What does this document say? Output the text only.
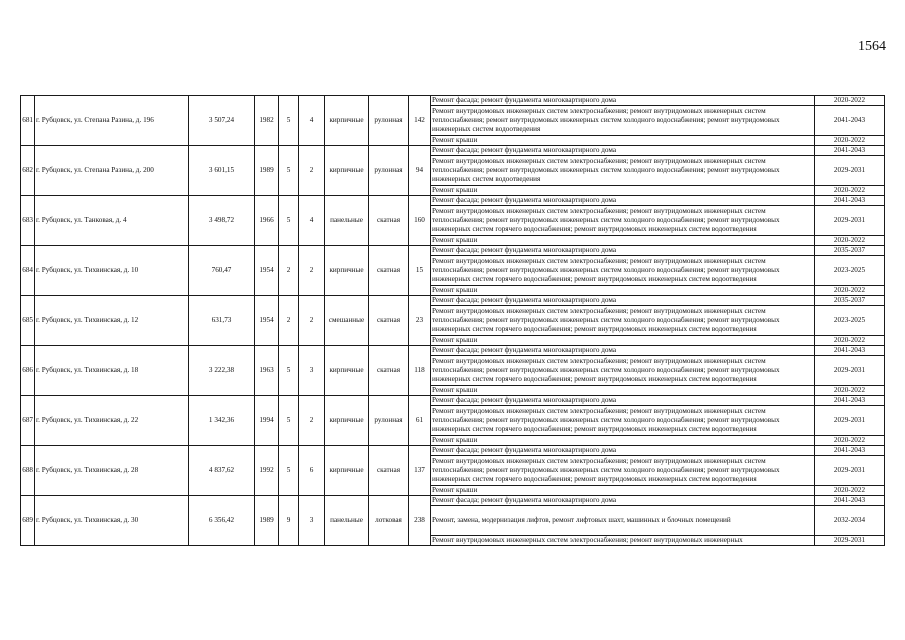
1564
681	г. Рубцовск, ул. Степана Разина, д. 196	3 507,24	1982	5	4	кирпичные	рулонная	142	Ремонт фасада; ремонт фундамента многоквартирного дома	2020-2022
									Ремонт внутридомовых инженерных систем электроснабжения; ремонт внутридомовых инженерных систем теплоснабжения; ремонт внутридомовых инженерных систем холодного водоснабжения; ремонт внутридомовых инженерных систем водоотведения	2041-2043
									Ремонт крыши	2020-2022
682	г. Рубцовск, ул. Степана Разина, д. 200	3 601,15	1989	5	2	кирпичные	рулонная	94	Ремонт фасада; ремонт фундамента многоквартирного дома	2041-2043
									Ремонт внутридомовых инженерных систем электроснабжения; ремонт внутридомовых инженерных систем теплоснабжения; ремонт внутридомовых инженерных систем холодного водоснабжения; ремонт внутридомовых инженерных систем водоотведения	2029-2031
									Ремонт крыши	2020-2022
683	г. Рубцовск, ул. Танковая, д. 4	3 498,72	1966	5	4	панельные	скатная	160	Ремонт фасада; ремонт фундамента многоквартирного дома	2041-2043
									Ремонт внутридомовых инженерных систем электроснабжения; ремонт внутридомовых инженерных систем теплоснабжения; ремонт внутридомовых инженерных систем холодного водоснабжения; ремонт внутридомовых инженерных систем горячего водоснабжения; ремонт внутридомовых инженерных систем водоотведения	2029-2031
									Ремонт крыши	2020-2022
684	г. Рубцовск, ул. Тихвинская, д. 10	760,47	1954	2	2	кирпичные	скатная	15	Ремонт фасада; ремонт фундамента многоквартирного дома	2035-2037
									Ремонт внутридомовых инженерных систем электроснабжения; ремонт внутридомовых инженерных систем теплоснабжения; ремонт внутридомовых инженерных систем холодного водоснабжения; ремонт внутридомовых инженерных систем горячего водоснабжения; ремонт внутридомовых инженерных систем водоотведения	2023-2025
									Ремонт крыши	2020-2022
685	г. Рубцовск, ул. Тихвинская, д. 12	631,73	1954	2	2	смешанные	скатная	23	Ремонт фасада; ремонт фундамента многоквартирного дома	2035-2037
									Ремонт внутридомовых инженерных систем электроснабжения; ремонт внутридомовых инженерных систем теплоснабжения; ремонт внутридомовых инженерных систем холодного водоснабжения; ремонт внутридомовых инженерных систем горячего водоснабжения; ремонт внутридомовых инженерных систем водоотведения	2023-2025
									Ремонт крыши	2020-2022
686	г. Рубцовск, ул. Тихвинская, д. 18	3 222,38	1963	5	3	кирпичные	скатная	118	Ремонт фасада; ремонт фундамента многоквартирного дома	2041-2043
									Ремонт внутридомовых инженерных систем электроснабжения; ремонт внутридомовых инженерных систем теплоснабжения; ремонт внутридомовых инженерных систем холодного водоснабжения; ремонт внутридомовых инженерных систем горячего водоснабжения; ремонт внутридомовых инженерных систем водоотведения	2029-2031
									Ремонт крыши	2020-2022
687	г. Рубцовск, ул. Тихвинская, д. 22	1 342,36	1994	5	2	кирпичные	рулонная	61	Ремонт фасада; ремонт фундамента многоквартирного дома	2041-2043
									Ремонт внутридомовых инженерных систем электроснабжения; ремонт внутридомовых инженерных систем теплоснабжения; ремонт внутридомовых инженерных систем холодного водоснабжения; ремонт внутридомовых инженерных систем горячего водоснабжения; ремонт внутридомовых инженерных систем водоотведения	2029-2031
									Ремонт крыши	2020-2022
688	г. Рубцовск, ул. Тихвинская, д. 28	4 837,62	1992	5	6	кирпичные	скатная	137	Ремонт фасада; ремонт фундамента многоквартирного дома	2041-2043
									Ремонт внутридомовых инженерных систем электроснабжения; ремонт внутридомовых инженерных систем теплоснабжения; ремонт внутридомовых инженерных систем холодного водоснабжения; ремонт внутридомовых инженерных систем горячего водоснабжения; ремонт внутридомовых инженерных систем водоотведения	2029-2031
									Ремонт крыши	2020-2022
689	г. Рубцовск, ул. Тихвинская, д. 30	6 356,42	1989	9	3	панельные	лотковая	238	Ремонт фасада; ремонт фундамента многоквартирного дома	2041-2043
									Ремонт, замена, модернизация лифтов, ремонт лифтовых шахт, машинных и блочных помещений	2032-2034
									Ремонт внутридомовых инженерных систем электроснабжения; ремонт внутридомовых инженерных	2029-2031
